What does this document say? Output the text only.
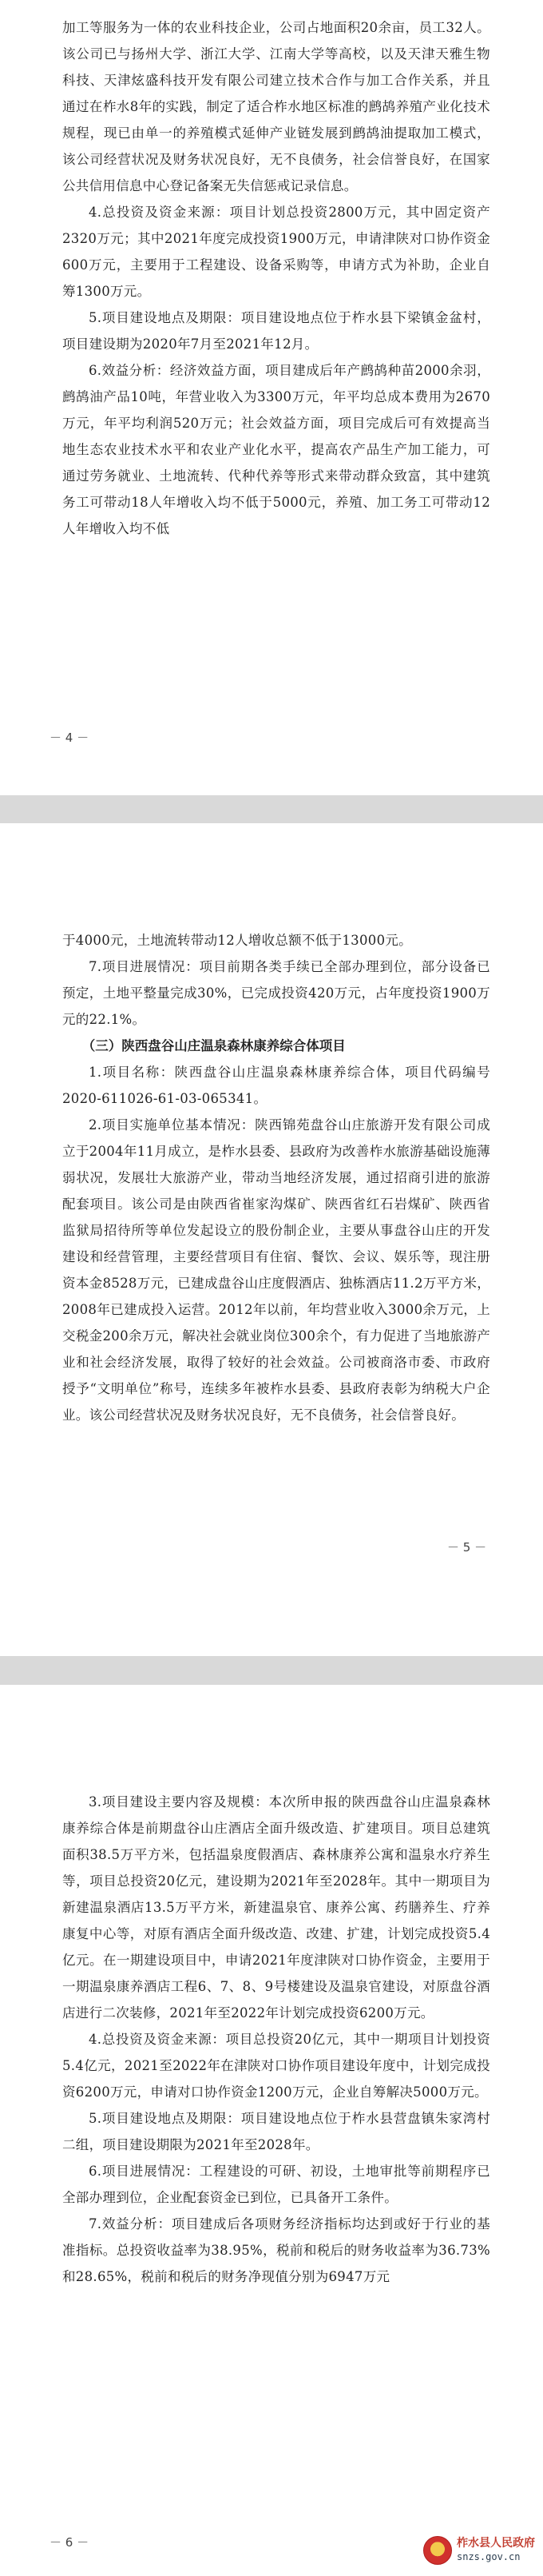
加工等服务为一体的农业科技企业，公司占地面积20余亩，员工32人。该公司已与扬州大学、浙江大学、江南大学等高校，以及天津天雅生物科技、天津炫盛科技开发有限公司建立技术合作与加工合作关系，并且通过在柞水8年的实践，制定了适合柞水地区标准的鹧鸪养殖产业化技术规程，现已由单一的养殖模式延伸产业链发展到鹧鸪油提取加工模式，该公司经营状况及财务状况良好，无不良债务，社会信誉良好，在国家公共信用信息中心登记备案无失信惩戒记录信息。

4.总投资及资金来源：项目计划总投资2800万元，其中固定资产2320万元；其中2021年度完成投资1900万元，申请津陕对口协作资金600万元，主要用于工程建设、设备采购等，申请方式为补助，企业自筹1300万元。

5.项目建设地点及期限：项目建设地点位于柞水县下梁镇金盆村，项目建设期为2020年7月至2021年12月。

6.效益分析：经济效益方面，项目建成后年产鹧鸪种苗2000余羽，鹧鸪油产品10吨，年营业收入为3300万元，年平均总成本费用为2670万元，年平均利润520万元；社会效益方面，项目完成后可有效提高当地生态农业技术水平和农业产业化水平，提高农产品生产加工能力，可通过劳务就业、土地流转、代种代养等形式来带动群众致富，其中建筑务工可带动18人年增收入均不低于5000元，养殖、加工务工可带动12人年增收入均不低

－ 4 －

于4000元，土地流转带动12人增收总额不低于13000元。

7.项目进展情况：项目前期各类手续已全部办理到位，部分设备已预定，土地平整量完成30%，已完成投资420万元，占年度投资1900万元的22.1%。

（三）陕西盘谷山庄温泉森林康养综合体项目

1.项目名称：陕西盘谷山庄温泉森林康养综合体，项目代码编号2020-611026-61-03-065341。

2.项目实施单位基本情况：陕西锦苑盘谷山庄旅游开发有限公司成立于2004年11月成立，是柞水县委、县政府为改善柞水旅游基础设施薄弱状况，发展壮大旅游产业，带动当地经济发展，通过招商引进的旅游配套项目。该公司是由陕西省崔家沟煤矿、陕西省红石岩煤矿、陕西省监狱局招待所等单位发起设立的股份制企业，主要从事盘谷山庄的开发建设和经营管理，主要经营项目有住宿、餐饮、会议、娱乐等，现注册资本金8528万元，已建成盘谷山庄度假酒店、独栋酒店11.2万平方米，2008年已建成投入运营。2012年以前，年均营业收入3000余万元，上交税金200余万元，解决社会就业岗位300余个，有力促进了当地旅游产业和社会经济发展，取得了较好的社会效益。公司被商洛市委、市政府授予“文明单位”称号，连续多年被柞水县委、县政府表彰为纳税大户企业。该公司经营状况及财务状况良好，无不良债务，社会信誉良好。

－ 5 －

3.项目建设主要内容及规模：本次所申报的陕西盘谷山庄温泉森林康养综合体是前期盘谷山庄酒店全面升级改造、扩建项目。项目总建筑面积38.5万平方米，包括温泉度假酒店、森林康养公寓和温泉水疗养生等，项目总投资20亿元，建设期为2021年至2028年。其中一期项目为新建温泉酒店13.5万平方米，新建温泉官、康养公寓、药膳养生、疗养康复中心等，对原有酒店全面升级改造、改建、扩建，计划完成投资5.4亿元。在一期建设项目中，申请2021年度津陕对口协作资金，主要用于一期温泉康养酒店工程6、7、8、9号楼建设及温泉官建设，对原盘谷酒店进行二次装修，2021年至2022年计划完成投资6200万元。

4.总投资及资金来源：项目总投资20亿元，其中一期项目计划投资5.4亿元，2021至2022年在津陕对口协作项目建设年度中，计划完成投资6200万元，申请对口协作资金1200万元，企业自筹解决5000万元。

5.项目建设地点及期限：项目建设地点位于柞水县营盘镇朱家湾村二组，项目建设期限为2021年至2028年。

6.项目进展情况：工程建设的可研、初设，土地审批等前期程序已全部办理到位，企业配套资金已到位，已具备开工条件。

7.效益分析：项目建成后各项财务经济指标均达到或好于行业的基准指标。总投资收益率为38.95%，税前和税后的财务收益率为36.73%和28.65%，税前和税后的财务净现值分别为6947万元

－ 6 －	柞水县人民政府
snzs.gov.cn
